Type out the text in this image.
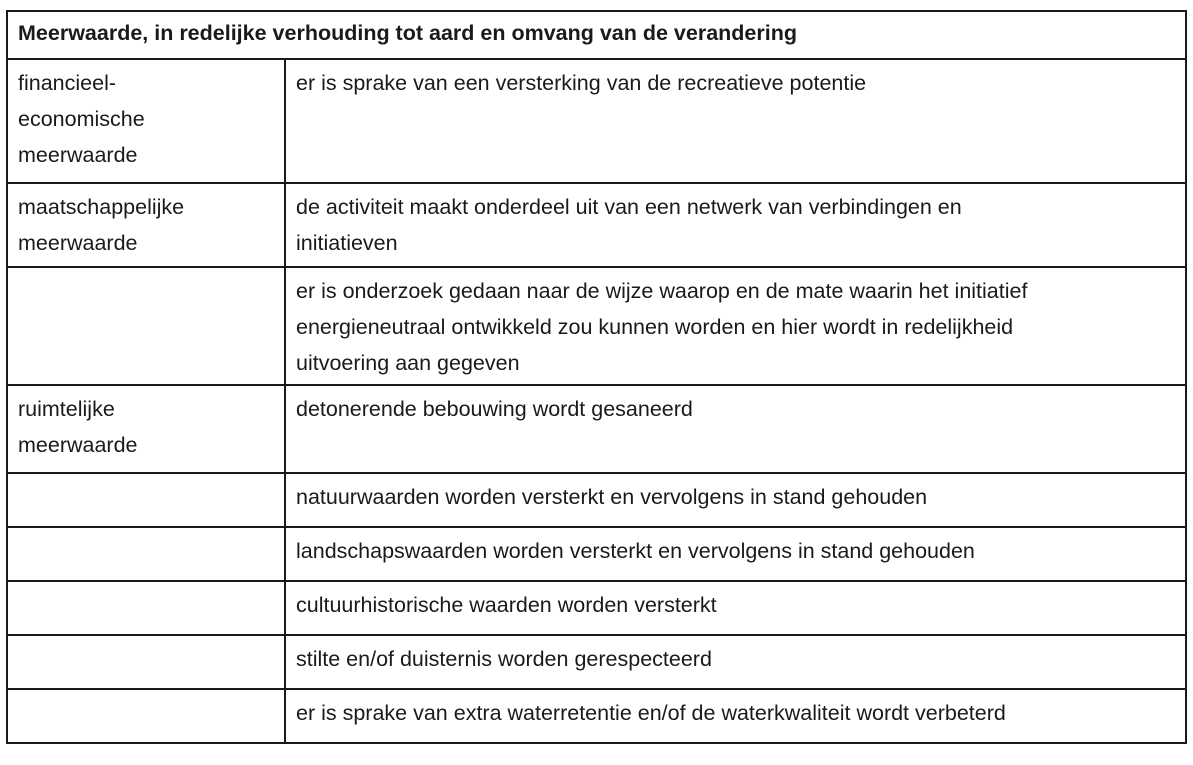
Meerwaarde, in redelijke verhouding tot aard en omvang van de verandering	
financieel-
economische
meerwaarde	er is sprake van een versterking van de recreatieve potentie
maatschappelijke
meerwaarde	de activiteit maakt onderdeel uit van een netwerk van verbindingen en
initiatieven
	er is onderzoek gedaan naar de wijze waarop en de mate waarin het initiatief
energieneutraal ontwikkeld zou kunnen worden en hier wordt in redelijkheid
uitvoering aan gegeven
ruimtelijke
meerwaarde	detonerende bebouwing wordt gesaneerd
	natuurwaarden worden versterkt en vervolgens in stand gehouden
	landschapswaarden worden versterkt en vervolgens in stand gehouden
	cultuurhistorische waarden worden versterkt
	stilte en/of duisternis worden gerespecteerd
	er is sprake van extra waterretentie en/of de waterkwaliteit wordt verbeterd
